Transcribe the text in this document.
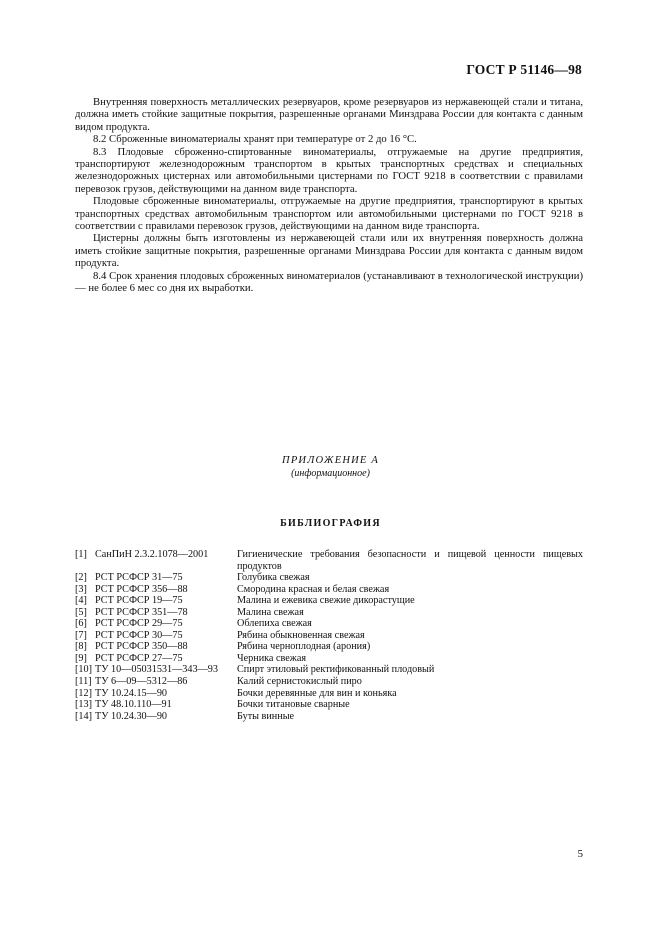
ГОСТ Р 51146—98

Внутренняя поверхность металлических резервуаров, кроме резервуаров из нержавеющей стали и титана, должна иметь стойкие защитные покрытия, разрешенные органами Минздрава России для контакта с данным видом продукта.

8.2 Сброженные виноматериалы хранят при температуре от 2 до 16 °С.

8.3 Плодовые сброженно-спиртованные виноматериалы, отгружаемые на другие предприятия, транспортируют железнодорожным транспортом в крытых транспортных средствах и специальных железнодорожных цистернах или автомобильными цистернами по ГОСТ 9218 в соответствии с правилами перевозок грузов, действующими на данном виде транспорта.

Плодовые сброженные виноматериалы, отгружаемые на другие предприятия, транспортируют в крытых транспортных средствах автомобильным транспортом или автомобильными цистернами по ГОСТ 9218 в соответствии с правилами перевозок грузов, действующими на данном виде транспорта.

Цистерны должны быть изготовлены из нержавеющей стали или их внутренняя поверхность должна иметь стойкие защитные покрытия, разрешенные органами Минздрава России для контакта с данным видом продукта.

8.4 Срок хранения плодовых сброженных виноматериалов (устанавливают в технологической инструкции) — не более 6 мес со дня их выработки.

ПРИЛОЖЕНИЕ А
(информационное)
БИБЛИОГРАФИЯ
[1] СанПиН 2.3.2.1078—2001	Гигиенические требования безопасности и пищевой ценности пищевых продуктов
[2] РСТ РСФСР 31—75	Голубика свежая
[3] РСТ РСФСР 356—88	Смородина красная и белая свежая
[4] РСТ РСФСР 19—75	Малина и ежевика свежие дикорастущие
[5] РСТ РСФСР 351—78	Малина свежая
[6] РСТ РСФСР 29—75	Облепиха свежая
[7] РСТ РСФСР 30—75	Рябина обыкновенная свежая
[8] РСТ РСФСР 350—88	Рябина черноплодная (арония)
[9] РСТ РСФСР 27—75	Черника свежая
[10] ТУ 10—05031531—343—93	Спирт этиловый ректификованный плодовый
[11] ТУ 6—09—5312—86	Калий сернистокислый пиро
[12] ТУ 10.24.15—90	Бочки деревянные для вин и коньяка
[13] ТУ 48.10.110—91	Бочки титановые сварные
[14] ТУ 10.24.30—90	Буты винные
5
